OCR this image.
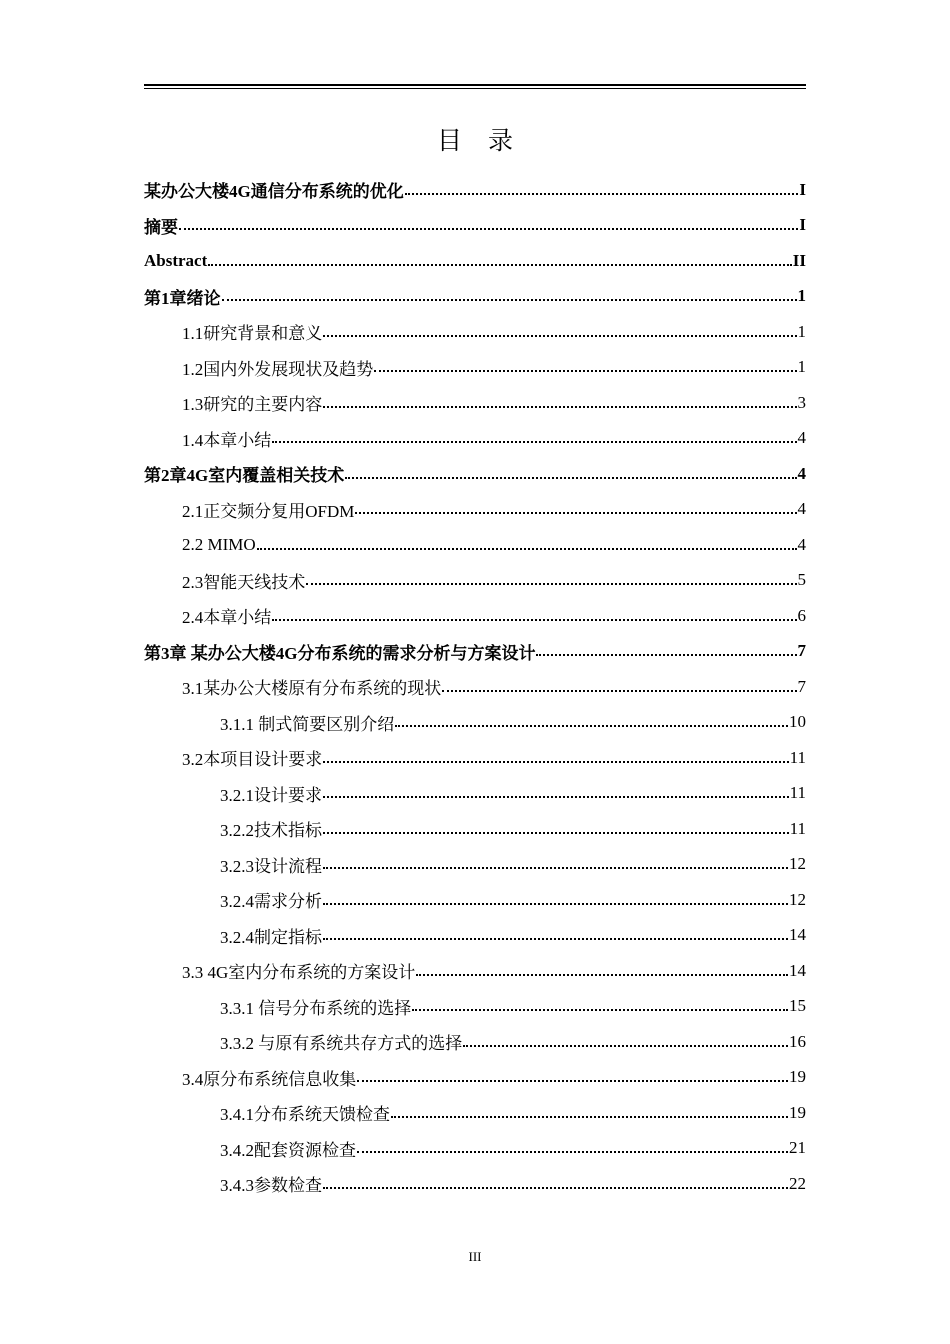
目录
某办公大楼4G通信分布系统的优化	I
摘要	I
Abstract	II
第1章绪论	1
1.1研究背景和意义	1
1.2国内外发展现状及趋势	1
1.3研究的主要内容	3
1.4本章小结	4
第2章4G室内覆盖相关技术	4
2.1正交频分复用OFDM	4
2.2 MIMO	4
2.3智能天线技术	5
2.4本章小结	6
第3章 某办公大楼4G分布系统的需求分析与方案设计	7
3.1某办公大楼原有分布系统的现状	7
3.1.1 制式简要区别介绍	10
3.2本项目设计要求	11
3.2.1设计要求	11
3.2.2技术指标	11
3.2.3设计流程	12
3.2.4需求分析	12
3.2.4制定指标	14
3.3 4G室内分布系统的方案设计	14
3.3.1 信号分布系统的选择	15
3.3.2 与原有系统共存方式的选择	16
3.4原分布系统信息收集	19
3.4.1分布系统天馈检查	19
3.4.2配套资源检查	21
3.4.3参数检查	22
III
